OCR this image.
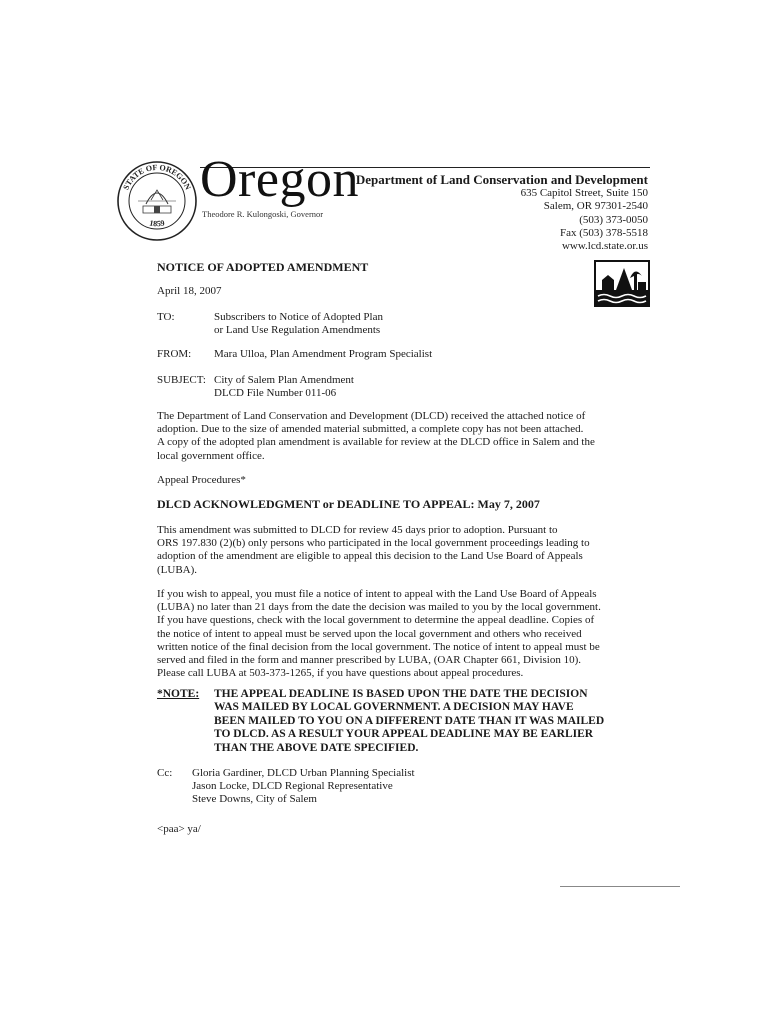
STATE OF OREGON
1859
Oregon
Theodore R. Kulongoski, Governor
Department of Land Conservation and Development
635 Capitol Street, Suite 150
Salem, OR 97301-2540
(503) 373-0050
Fax (503) 378-5518
www.lcd.state.or.us
NOTICE OF ADOPTED AMENDMENT
April 18, 2007
TO:	Subscribers to Notice of Adopted Plan
or Land Use Regulation Amendments
FROM: Mara Ulloa, Plan Amendment Program Specialist
SUBJECT: City of Salem Plan Amendment
DLCD File Number 011-06
The Department of Land Conservation and Development (DLCD) received the attached notice of
adoption. Due to the size of amended material submitted, a complete copy has not been attached.
A copy of the adopted plan amendment is available for review at the DLCD office in Salem and the
local government office.
Appeal Procedures*
DLCD ACKNOWLEDGMENT or DEADLINE TO APPEAL: May 7, 2007
This amendment was submitted to DLCD for review 45 days prior to adoption. Pursuant to
ORS 197.830 (2)(b) only persons who participated in the local government proceedings leading to
adoption of the amendment are eligible to appeal this decision to the Land Use Board of Appeals
(LUBA).
If you wish to appeal, you must file a notice of intent to appeal with the Land Use Board of Appeals
(LUBA) no later than 21 days from the date the decision was mailed to you by the local government.
If you have questions, check with the local government to determine the appeal deadline. Copies of
the notice of intent to appeal must be served upon the local government and others who received
written notice of the final decision from the local government. The notice of intent to appeal must be
served and filed in the form and manner prescribed by LUBA, (OAR Chapter 661, Division 10).
Please call LUBA at 503-373-1265, if you have questions about appeal procedures.
*NOTE: THE APPEAL DEADLINE IS BASED UPON THE DATE THE DECISION
WAS MAILED BY LOCAL GOVERNMENT. A DECISION MAY HAVE
BEEN MAILED TO YOU ON A DIFFERENT DATE THAN IT WAS MAILED
TO DLCD. AS A RESULT YOUR APPEAL DEADLINE MAY BE EARLIER
THAN THE ABOVE DATE SPECIFIED.
Cc: Gloria Gardiner, DLCD Urban Planning Specialist
Jason Locke, DLCD Regional Representative
Steve Downs, City of Salem
<paa> ya/
